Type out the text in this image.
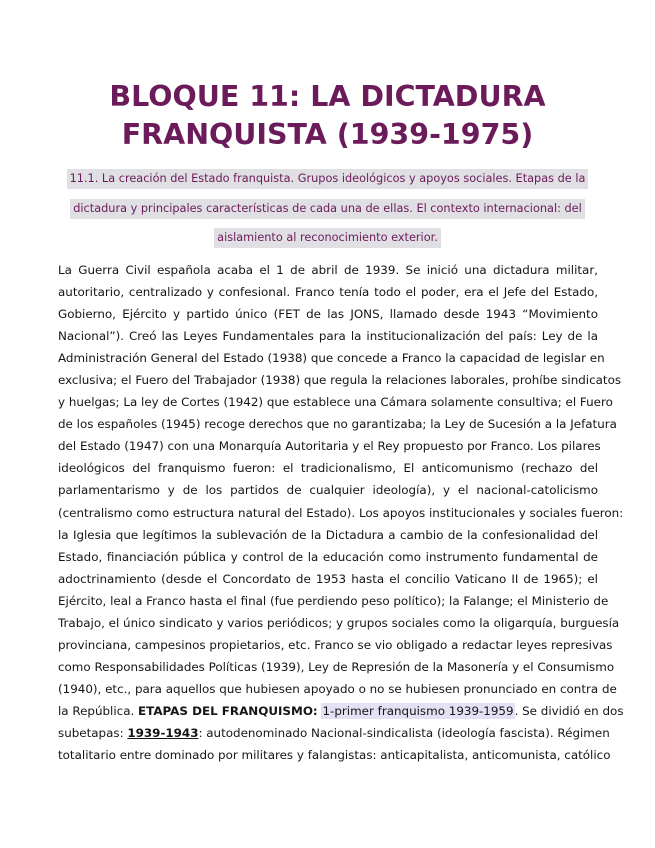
BLOQUE 11: LA DICTADURA
FRANQUISTA (1939-1975)
11.1. La creación del Estado franquista. Grupos ideológicos y apoyos sociales. Etapas de la
dictadura y principales características de cada una de ellas. El contexto internacional: del
aislamiento al reconocimiento exterior.
La Guerra Civil española acaba el 1 de abril de 1939. Se inició una dictadura militar,
autoritario, centralizado y confesional. Franco tenía todo el poder, era el Jefe del Estado,
Gobierno, Ejército y partido único (FET de las JONS, llamado desde 1943 “Movimiento
Nacional”). Creó las Leyes Fundamentales para la institucionalización del país: Ley de la
Administración General del Estado (1938) que concede a Franco la capacidad de legislar en
exclusiva; el Fuero del Trabajador (1938) que regula la relaciones laborales, prohíbe sindicatos
y huelgas; La ley de Cortes (1942) que establece una Cámara solamente consultiva; el Fuero
de los españoles (1945) recoge derechos que no garantizaba; la Ley de Sucesión a la Jefatura
del Estado (1947) con una Monarquía Autoritaria y el Rey propuesto por Franco. Los pilares
ideológicos del franquismo fueron: el tradicionalismo, El anticomunismo (rechazo del
parlamentarismo y de los partidos de cualquier ideología), y el nacional-catolicismo
(centralismo como estructura natural del Estado). Los apoyos institucionales y sociales fueron:
la Iglesia que legítimos la sublevación de la Dictadura a cambio de la confesionalidad del
Estado, financiación pública y control de la educación como instrumento fundamental de
adoctrinamiento (desde el Concordato de 1953 hasta el concilio Vaticano II de 1965); el
Ejército, leal a Franco hasta el final (fue perdiendo peso político); la Falange; el Ministerio de
Trabajo, el único sindicato y varios periódicos; y grupos sociales como la oligarquía, burguesía
provinciana, campesinos propietarios, etc. Franco se vio obligado a redactar leyes represivas
como Responsabilidades Políticas (1939), Ley de Represión de la Masonería y el Consumismo
(1940), etc., para aquellos que hubiesen apoyado o no se hubiesen pronunciado en contra de
la República. ETAPAS DEL FRANQUISMO: 1-primer franquismo 1939-1959. Se dividió en dos
subetapas: 1939-1943: autodenominado Nacional-sindicalista (ideología fascista). Régimen
totalitario entre dominado por militares y falangistas: anticapitalista, anticomunista, católico
